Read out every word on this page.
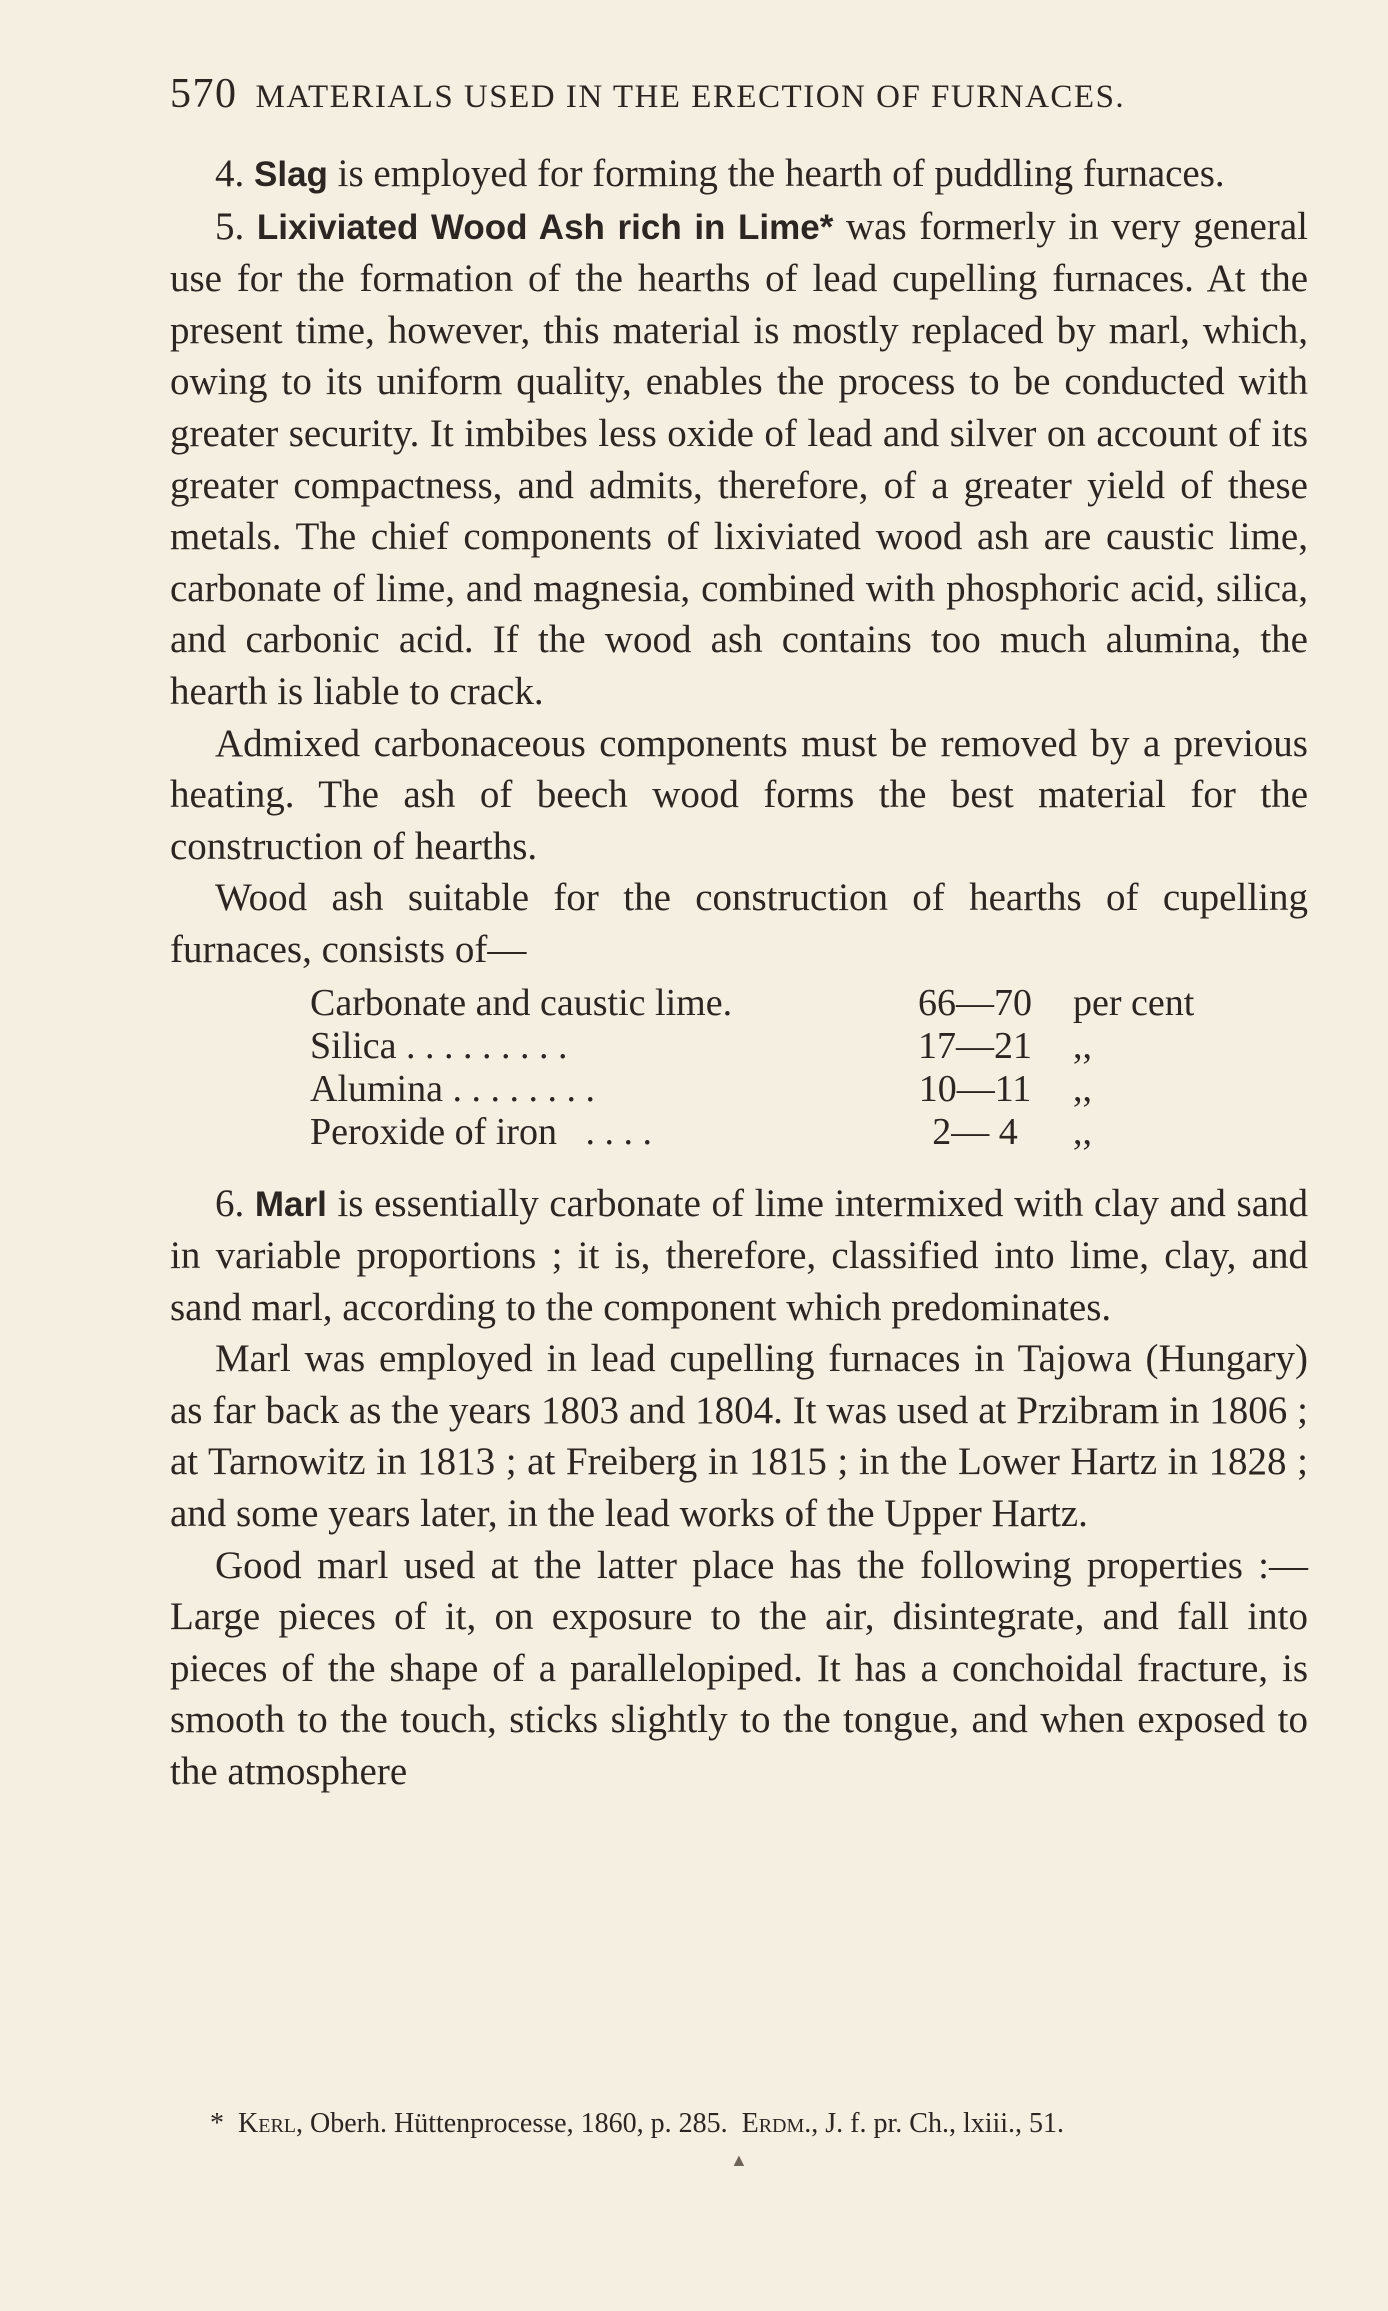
570 MATERIALS USED IN THE ERECTION OF FURNACES.

4. Slag is employed for forming the hearth of puddling furnaces.

5. Lixiviated Wood Ash rich in Lime* was formerly in very general use for the formation of the hearths of lead cupelling furnaces. At the present time, however, this material is mostly replaced by marl, which, owing to its uniform quality, enables the process to be conducted with greater security. It imbibes less oxide of lead and silver on account of its greater compactness, and admits, therefore, of a greater yield of these metals. The chief components of lixiviated wood ash are caustic lime, carbonate of lime, and magnesia, combined with phosphoric acid, silica, and carbonic acid. If the wood ash contains too much alumina, the hearth is liable to crack.

Admixed carbonaceous components must be removed by a previous heating. The ash of beech wood forms the best material for the construction of hearths.

Wood ash suitable for the construction of hearths of cupelling furnaces, consists of—

Carbonate and caustic lime.	66—70	per cent
Silica . . . . . . . . .	17—21	,,
Alumina . . . . . . . .	10—11	,,
Peroxide of iron . . . .	2— 4	,,

6. Marl is essentially carbonate of lime intermixed with clay and sand in variable proportions ; it is, therefore, classified into lime, clay, and sand marl, according to the component which predominates.

Marl was employed in lead cupelling furnaces in Tajowa (Hungary) as far back as the years 1803 and 1804. It was used at Przibram in 1806 ; at Tarnowitz in 1813 ; at Freiberg in 1815 ; in the Lower Hartz in 1828 ; and some years later, in the lead works of the Upper Hartz.

Good marl used at the latter place has the following properties :—Large pieces of it, on exposure to the air, disintegrate, and fall into pieces of the shape of a parallelopiped. It has a conchoidal fracture, is smooth to the touch, sticks slightly to the tongue, and when exposed to the atmosphere

* Kerl, Oberh. Hüttenprocesse, 1860, p. 285. Erdm., J. f. pr. Ch., lxiii., 51.
▲
